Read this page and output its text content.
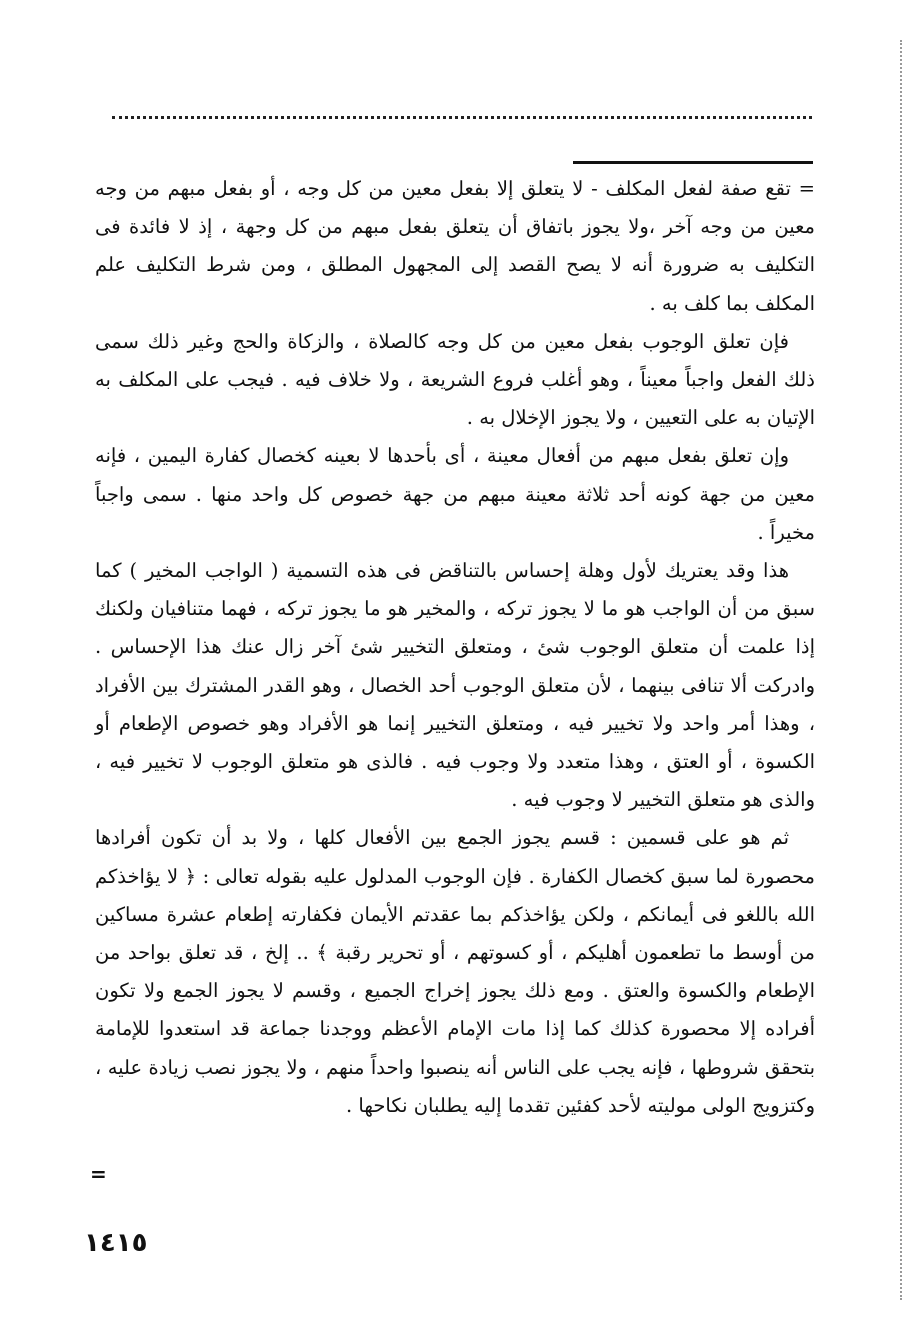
= تقع صفة لفعل المكلف - لا يتعلق إلا بفعل معين من كل وجه ، أو بفعل مبهم من وجه معين من وجه آخر ،ولا يجوز باتفاق أن يتعلق بفعل مبهم من كل وجهة ، إذ لا فائدة فى التكليف به ضرورة أنه لا يصح القصد إلى المجهول المطلق ، ومن شرط التكليف علم المكلف بما كلف به .

فإن تعلق الوجوب بفعل معين من كل وجه كالصلاة ، والزكاة والحج وغير ذلك سمى ذلك الفعل واجباً معيناً ، وهو أغلب فروع الشريعة ، ولا خلاف فيه . فيجب على المكلف به الإتيان به على التعيين ، ولا يجوز الإخلال به .

وإن تعلق بفعل مبهم من أفعال معينة ، أى بأحدها لا بعينه كخصال كفارة اليمين ، فإنه معين من جهة كونه أحد ثلاثة معينة مبهم من جهة خصوص كل واحد منها . سمى واجباً مخيراً .

هذا وقد يعتريك لأول وهلة إحساس بالتناقض فى هذه التسمية ( الواجب المخير ) كما سبق من أن الواجب هو ما لا يجوز تركه ، والمخير هو ما يجوز تركه ، فهما متنافيان ولكنك إذا علمت أن متعلق الوجوب شئ ، ومتعلق التخيير شئ آخر زال عنك هذا الإحساس . وادركت ألا تنافى بينهما ، لأن متعلق الوجوب أحد الخصال ، وهو القدر المشترك بين الأفراد ، وهذا أمر واحد ولا تخيير فيه ، ومتعلق التخيير إنما هو الأفراد وهو خصوص الإطعام أو الكسوة ، أو العتق ، وهذا متعدد ولا وجوب فيه . فالذى هو متعلق الوجوب لا تخيير فيه ، والذى هو متعلق التخيير لا وجوب فيه .

ثم هو على قسمين : قسم يجوز الجمع بين الأفعال كلها ، ولا بد أن تكون أفرادها محصورة لما سبق كخصال الكفارة . فإن الوجوب المدلول عليه بقوله تعالى : ﴿ لا يؤاخذكم الله باللغو فى أيمانكم ، ولكن يؤاخذكم بما عقدتم الأيمان فكفارته إطعام عشرة مساكين من أوسط ما تطعمون أهليكم ، أو كسوتهم ، أو تحرير رقبة ﴾ .. إلخ ، قد تعلق بواحد من الإطعام والكسوة والعتق . ومع ذلك يجوز إخراج الجميع ، وقسم لا يجوز الجمع ولا تكون أفراده إلا محصورة كذلك كما إذا مات الإمام الأعظم ووجدنا جماعة قد استعدوا للإمامة بتحقق شروطها ، فإنه يجب على الناس أنه ينصبوا واحداً منهم ، ولا يجوز نصب زيادة عليه ، وكتزويج الولى موليته لأحد كفئين تقدما إليه يطلبان نكاحها .

=
١٤١٥
